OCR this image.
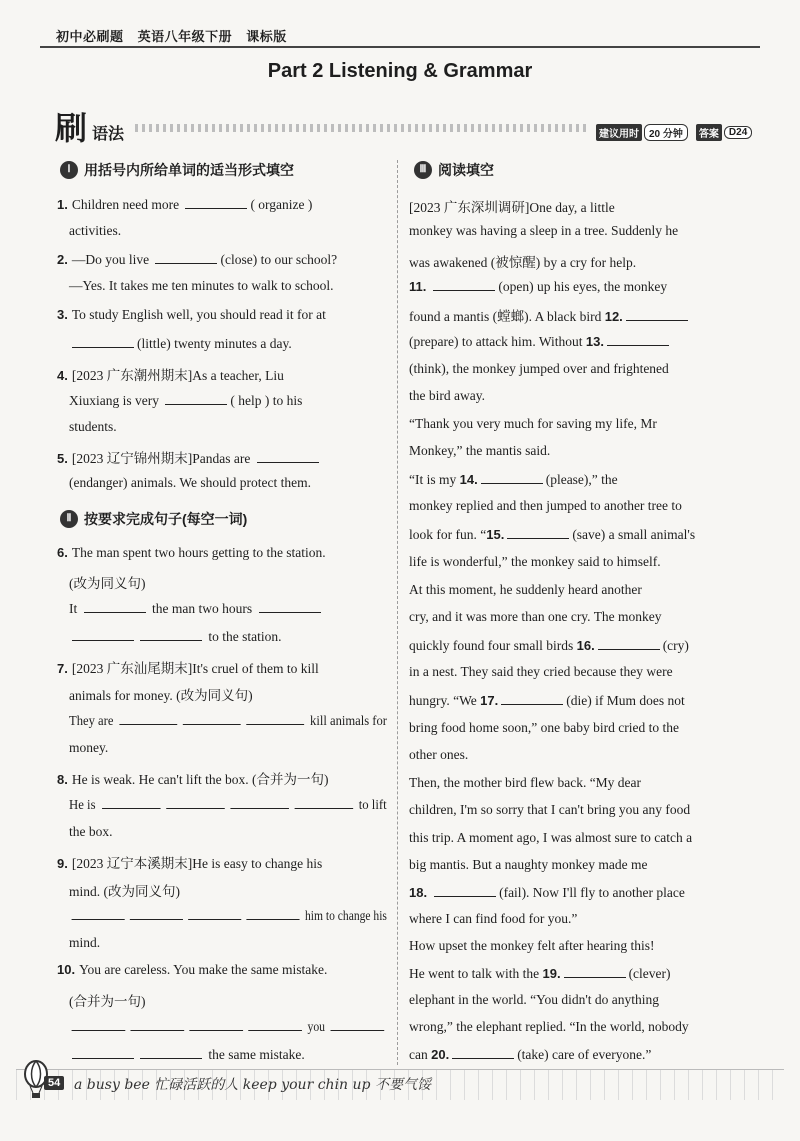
初中必刷题 英语八年级下册 课标版
Part 2 Listening & Grammar
刷 语法	建议用时	20 分钟	答案	D24
Ⅰ 用括号内所给单词的适当形式填空
Ⅱ 按要求完成句子(每空一词)
Ⅲ 阅读填空
1. Children need more	( organize )
activities.
2. —Do you live	(close) to our school?
—Yes. It takes me ten minutes to walk to school.
3. To study English well, you should read it for at
(little) twenty minutes a day.
4. [2023 广东潮州期末]As a teacher, Liu
Xiuxiang is very	( help ) to his
students.
5. [2023 辽宁锦州期末]Pandas are
(endanger) animals. We should protect them.
6. The man spent two hours getting to the station.
(改为同义句)
It	the man two hours
to the station.
7. [2023 广东汕尾期末]It's cruel of them to kill
animals for money. (改为同义句)
They are	kill animals for
money.
8. He is weak. He can't lift the box. (合并为一句)
He is	to lift
the box.
9. [2023 辽宁本溪期末]He is easy to change his
mind. (改为同义句)
him to change his
mind.
10. You are careless. You make the same mistake.
(合并为一句)
you
the same mistake.
[2023 广东深圳调研]One day, a little
monkey was having a sleep in a tree. Suddenly he
was awakened (被惊醒) by a cry for help.
11.	(open) up his eyes, the monkey
found a mantis (螳螂). A black bird 12.
(prepare) to attack him. Without 13.
(think), the monkey jumped over and frightened
the bird away.
“Thank you very much for saving my life, Mr
Monkey,” the mantis said.
“It is my 14.	(please),” the
monkey replied and then jumped to another tree to
look for fun. “15.	(save) a small animal's
life is wonderful,” the monkey said to himself.
At this moment, he suddenly heard another
cry, and it was more than one cry. The monkey
quickly found four small birds 16.	(cry)
in a nest. They said they cried because they were
hungry. “We 17.	(die) if Mum does not
bring food home soon,” one baby bird cried to the
other ones.
Then, the mother bird flew back. “My dear
children, I'm so sorry that I can't bring you any food
this trip. A moment ago, I was almost sure to catch a
big mantis. But a naughty monkey made me
18.	(fail). Now I'll fly to another place
where I can find food for you.”
How upset the monkey felt after hearing this!
He went to talk with the 19.	(clever)
elephant in the world. “You didn't do anything
wrong,” the elephant replied. “In the world, nobody
can 20.	(take) care of everyone.”
54 a busy bee 忙碌活跃的人 keep your chin up 不要气馁
